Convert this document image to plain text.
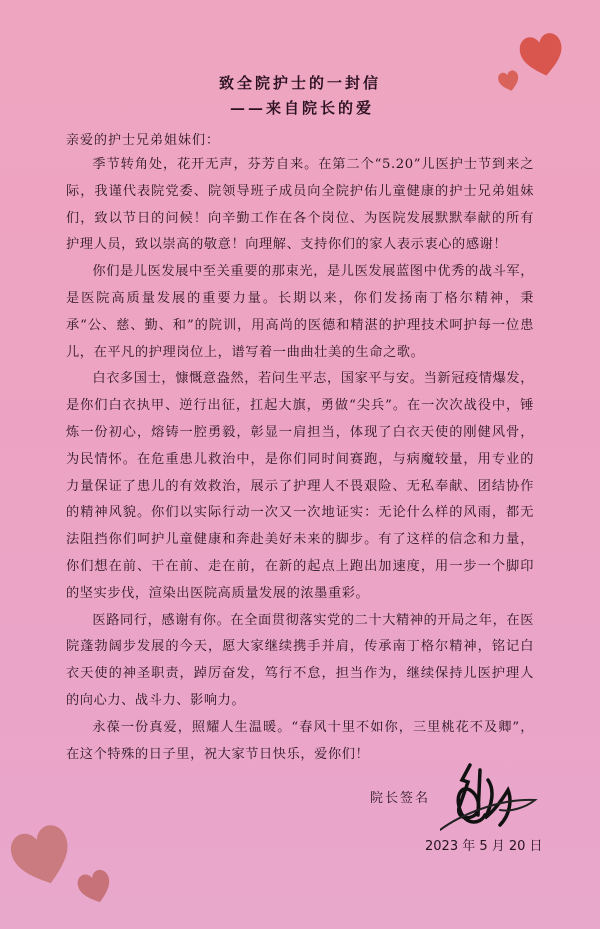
致全院护士的一封信
——来自院长的爱
亲爱的护士兄弟姐妹们：

季节转角处，花开无声，芬芳自来。在第二个“5.20”儿医护士节到来之际，我谨代表院党委、院领导班子成员向全院护佑儿童健康的护士兄弟姐妹们，致以节日的问候！向辛勤工作在各个岗位、为医院发展默默奉献的所有护理人员，致以崇高的敬意！向理解、支持你们的家人表示衷心的感谢！

你们是儿医发展中至关重要的那束光，是儿医发展蓝图中优秀的战斗军，是医院高质量发展的重要力量。长期以来，你们发扬南丁格尔精神，秉承“公、慈、勤、和”的院训，用高尚的医德和精湛的护理技术呵护每一位患儿，在平凡的护理岗位上，谱写着一曲曲壮美的生命之歌。

白衣多国士，慷慨意盎然，若问生平志，国家平与安。当新冠疫情爆发，是你们白衣执甲、逆行出征，扛起大旗，勇做“尖兵”。在一次次战役中，锤炼一份初心，熔铸一腔勇毅，彰显一肩担当，体现了白衣天使的刚健风骨，为民情怀。在危重患儿救治中，是你们同时间赛跑，与病魔较量，用专业的力量保证了患儿的有效救治，展示了护理人不畏艰险、无私奉献、团结协作的精神风貌。你们以实际行动一次又一次地证实：无论什么样的风雨，都无法阻挡你们呵护儿童健康和奔赴美好未来的脚步。有了这样的信念和力量，你们想在前、干在前、走在前，在新的起点上跑出加速度，用一步一个脚印的坚实步伐，渲染出医院高质量发展的浓墨重彩。

医路同行，感谢有你。在全面贯彻落实党的二十大精神的开局之年，在医院蓬勃阔步发展的今天，愿大家继续携手并肩，传承南丁格尔精神，铭记白衣天使的神圣职责，踔厉奋发，笃行不怠，担当作为，继续保持儿医护理人的向心力、战斗力、影响力。

永葆一份真爱，照耀人生温暖。“春风十里不如你，三里桃花不及卿”，在这个特殊的日子里，祝大家节日快乐，爱你们！

院长签名
2023 年 5 月 20 日
